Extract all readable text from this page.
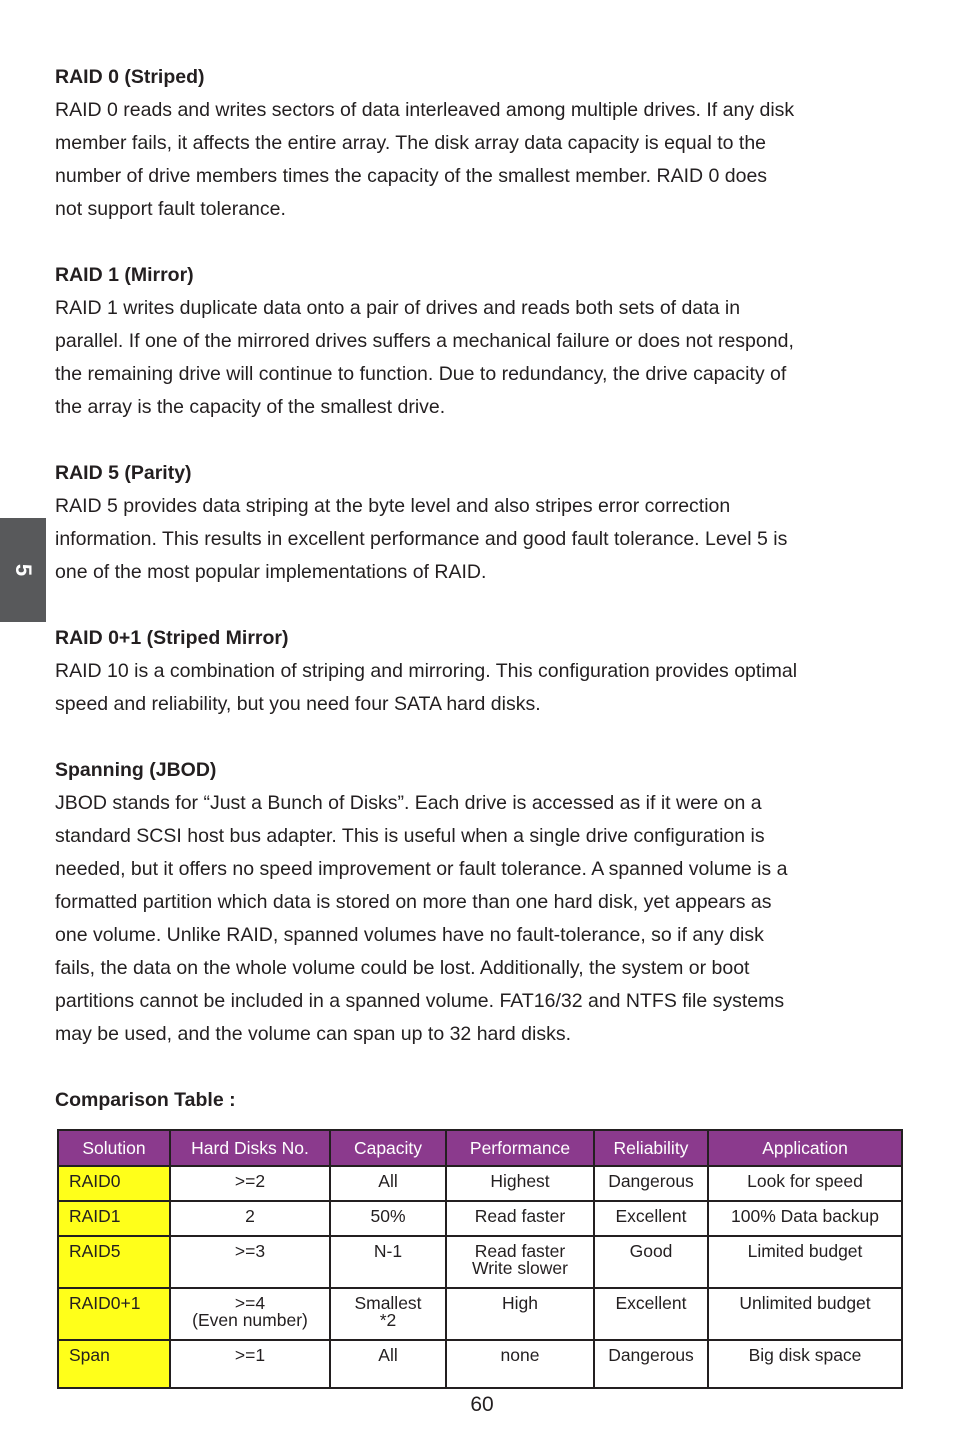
5
RAID 0 (Striped)

RAID 0 reads and writes sectors of data interleaved among multiple drives. If any disk
member fails, it affects the entire array. The disk array data capacity is equal to the
number of drive members times the capacity of the smallest member. RAID 0 does
not support fault tolerance.

RAID 1 (Mirror)

RAID 1 writes duplicate data onto a pair of drives and reads both sets of data in
parallel. If one of the mirrored drives suffers a mechanical failure or does not respond,
the remaining drive will continue to function. Due to redundancy, the drive capacity of
the array is the capacity of the smallest drive.

RAID 5 (Parity)

RAID 5 provides data striping at the byte level and also stripes error correction
information. This results in excellent performance and good fault tolerance. Level 5 is
one of the most popular implementations of RAID.

RAID 0+1 (Striped Mirror)

RAID 10 is a combination of striping and mirroring. This configuration provides optimal
speed and reliability, but you need four SATA hard disks.

Spanning (JBOD)

JBOD stands for “Just a Bunch of Disks”. Each drive is accessed as if it were on a
standard SCSI host bus adapter. This is useful when a single drive configuration is
needed, but it offers no speed improvement or fault tolerance. A spanned volume is a
formatted partition which data is stored on more than one hard disk, yet appears as
one volume. Unlike RAID, spanned volumes have no fault-tolerance, so if any disk
fails, the data on the whole volume could be lost. Additionally, the system or boot
partitions cannot be included in a spanned volume. FAT16/32 and NTFS file systems
may be used, and the volume can span up to 32 hard disks.

Comparison Table :
Solution	Hard Disks No.	Capacity	Performance	Reliability	Application

RAID0	>=2	All	Highest	Dangerous	Look for speed

RAID1	2	50%	Read faster	Excellent	100% Data backup

RAID5	>=3	N-1	Read faster
Write slower	Good	Limited budget

RAID0+1	>=4
(Even number)	Smallest
*2	High	Excellent	Unlimited budget

Span	>=1	All	none	Dangerous	Big disk space
60
